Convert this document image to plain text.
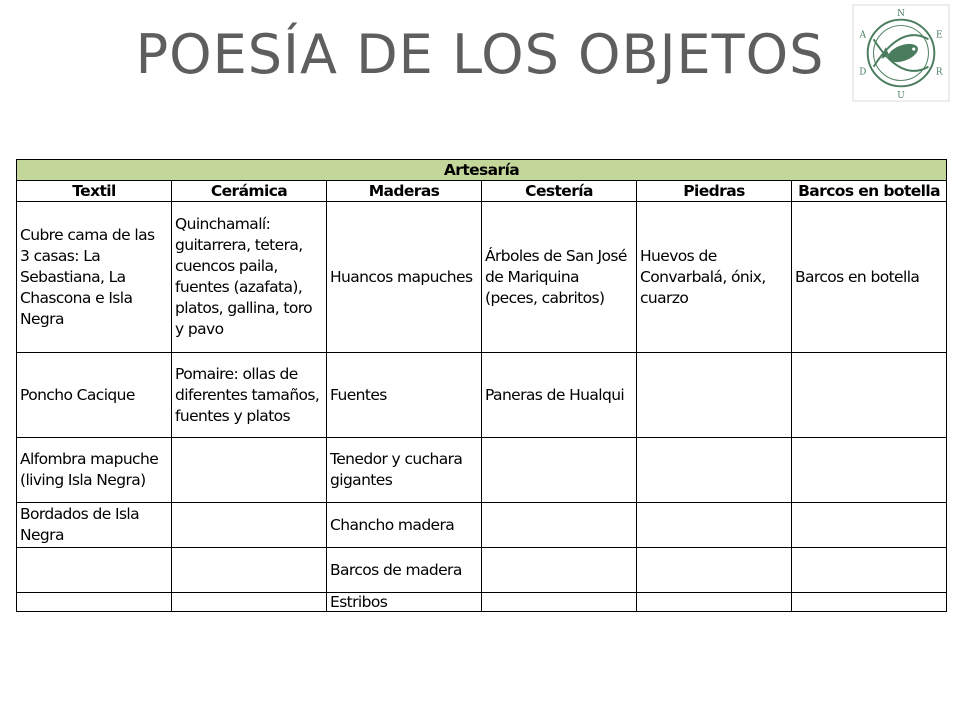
POESÍA DE LOS OBJETOS
N
E
R
U
D
A
Artesaría					
Textil	Cerámica	Maderas	Cestería	Piedras	Barcos en botella
Cubre cama de las 3 casas: La Sebastiana, La Chascona e Isla Negra	Quinchamalí: guitarrera, tetera, cuencos paila, fuentes (azafata), platos, gallina, toro y pavo	Huancos mapuches	Árboles de San José de Mariquina (peces, cabritos)	Huevos de Convarbalá, ónix, cuarzo	Barcos en botella
Poncho Cacique	Pomaire: ollas de diferentes tamaños, fuentes y platos	Fuentes	Paneras de Hualqui		
Alfombra mapuche (living Isla Negra)		Tenedor y cuchara gigantes			
Bordados de Isla Negra		Chancho madera			
		Barcos de madera			
		Estribos			
